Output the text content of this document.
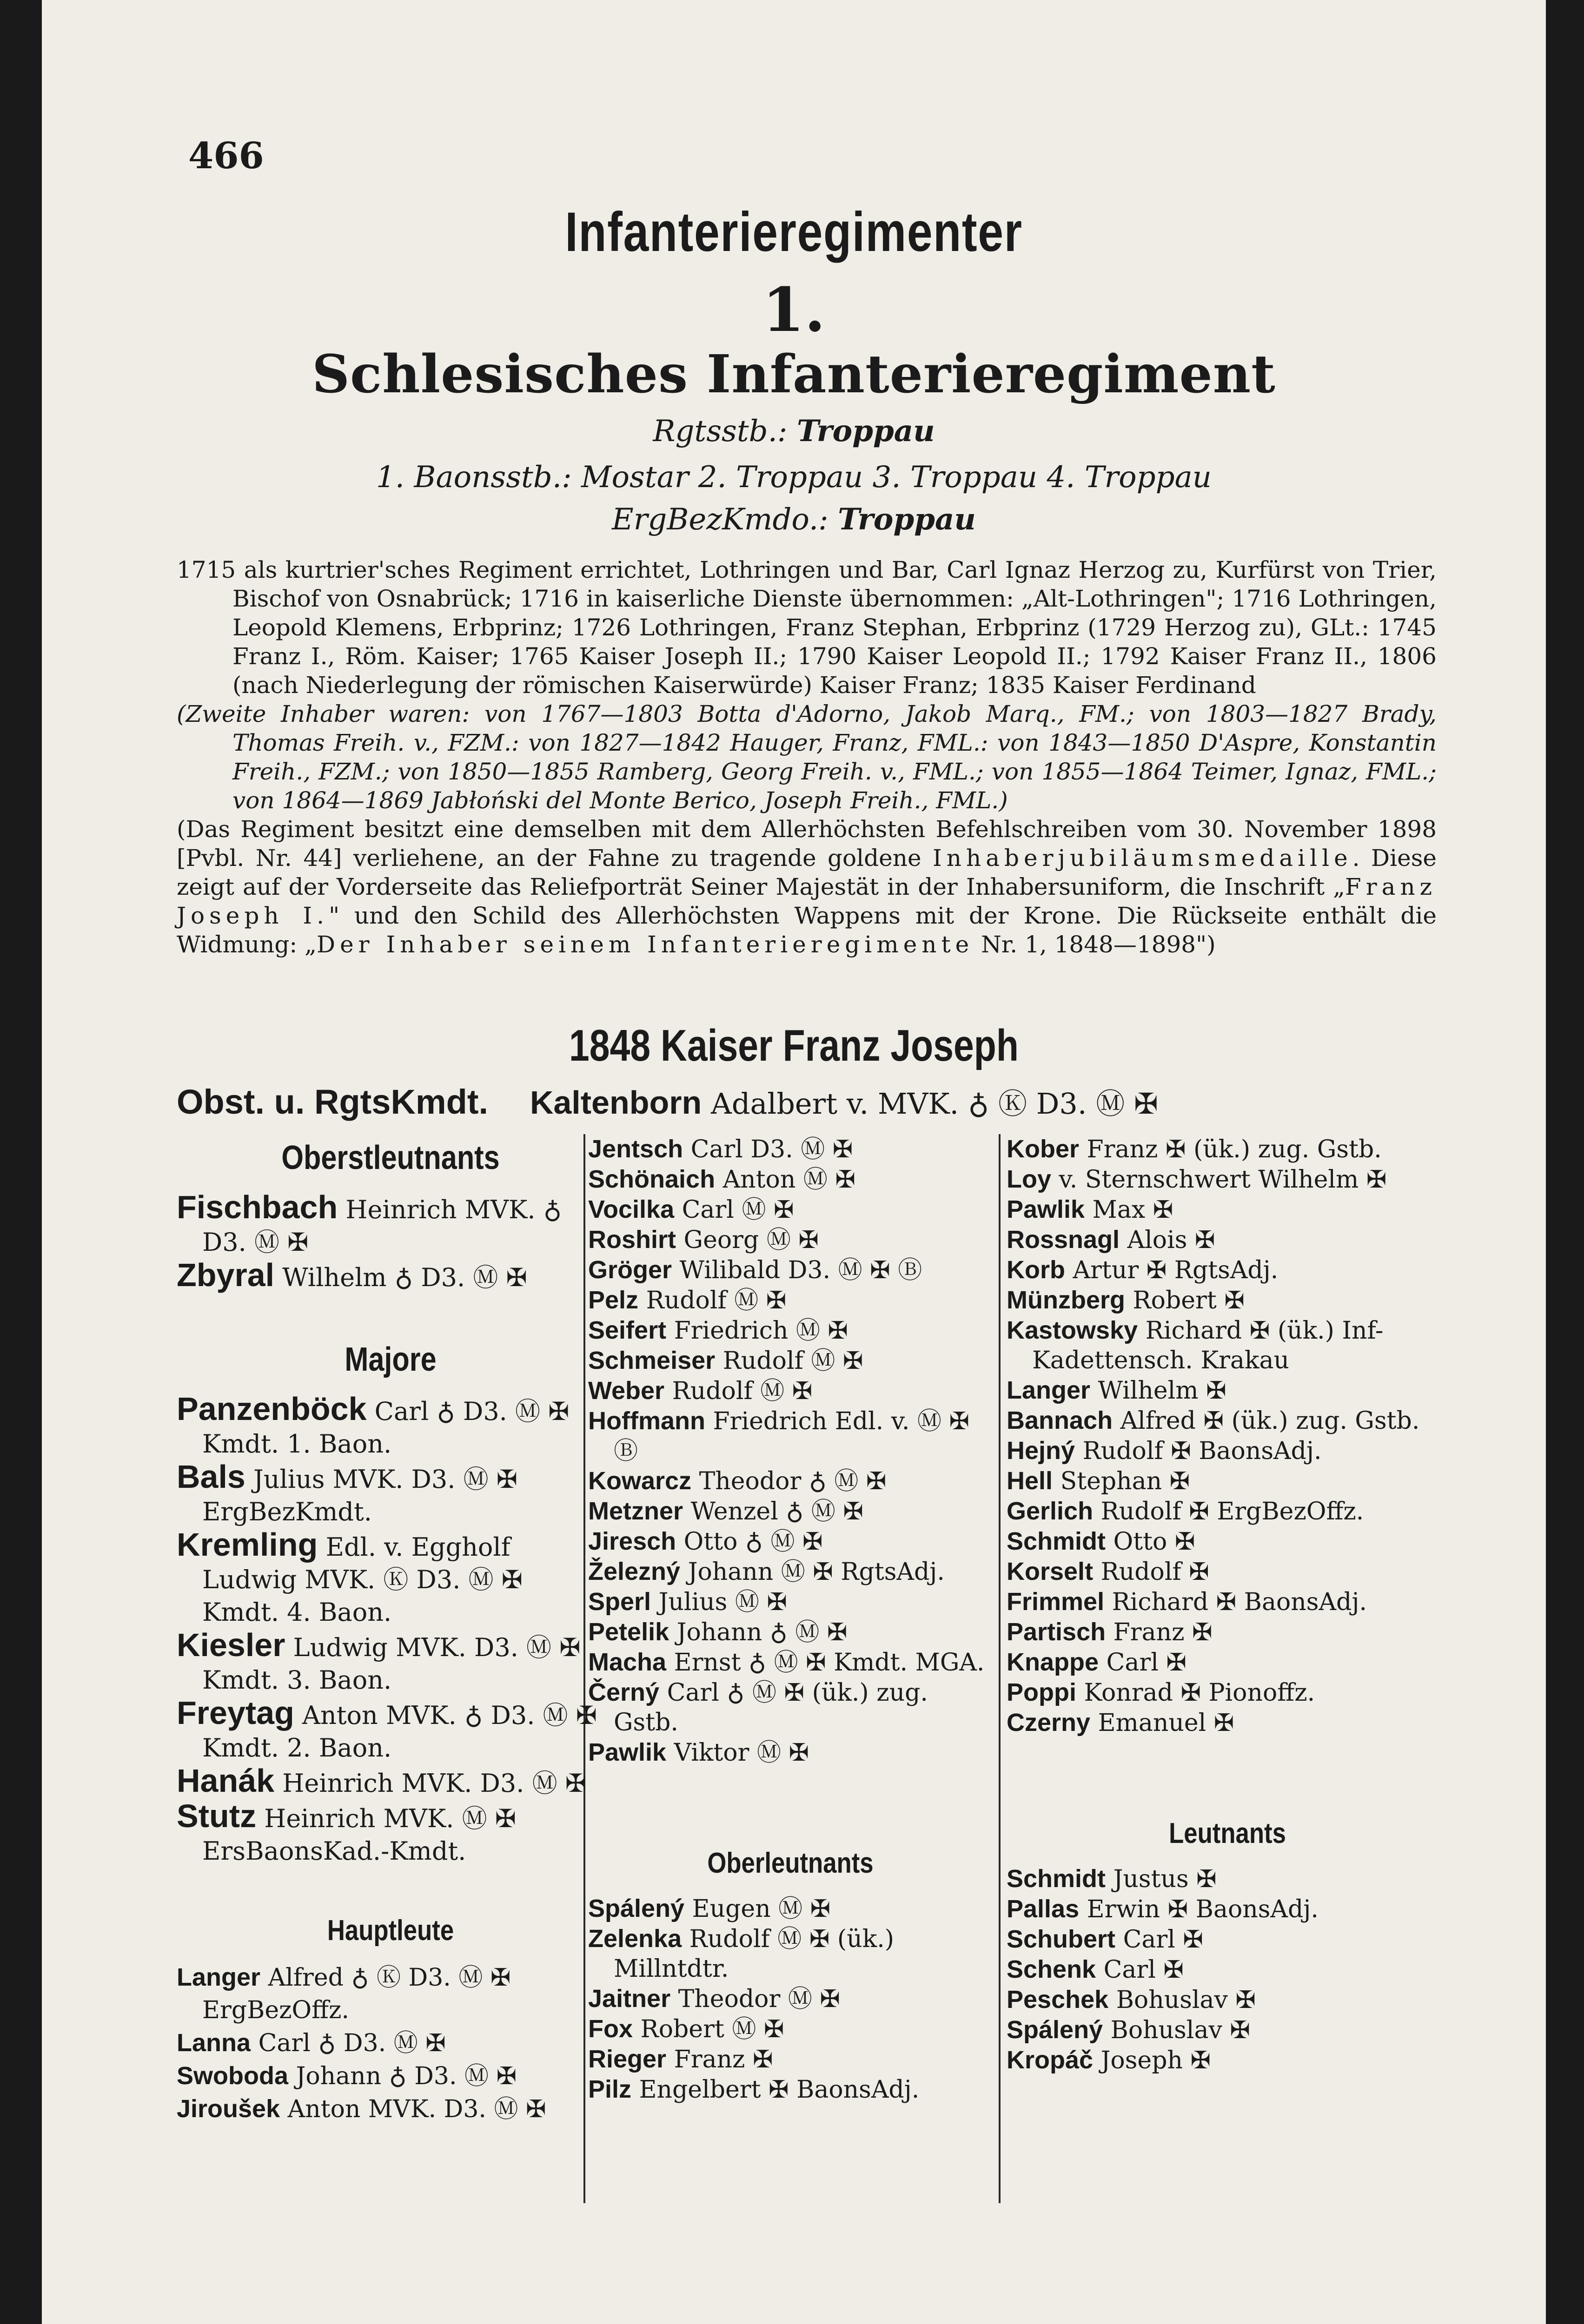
466
Infanterieregimenter
1.
Schlesisches Infanterieregiment
Rgtsstb.: Troppau
1. Baonsstb.: Mostar 2. Troppau 3. Troppau 4. Troppau
ErgBezKmdo.: Troppau

1715 als kurtrier'sches Regiment errichtet, Lothringen und Bar, Carl Ignaz Herzog zu, Kurfürst von Trier, Bischof von Osnabrück; 1716 in kaiserliche Dienste übernommen: „Alt-Lothringen"; 1716 Lothringen, Leopold Klemens, Erbprinz; 1726 Lothringen, Franz Stephan, Erbprinz (1729 Herzog zu), GLt.: 1745 Franz I., Röm. Kaiser; 1765 Kaiser Joseph II.; 1790 Kaiser Leopold II.; 1792 Kaiser Franz II., 1806 (nach Niederlegung der römischen Kaiserwürde) Kaiser Franz; 1835 Kaiser Ferdinand

(Zweite Inhaber waren: von 1767—1803 Botta d'Adorno, Jakob Marq., FM.; von 1803—1827 Brady, Thomas Freih. v., FZM.: von 1827—1842 Hauger, Franz, FML.: von 1843—1850 D'Aspre, Konstantin Freih., FZM.; von 1850—1855 Ramberg, Georg Freih. v., FML.; von 1855—1864 Teimer, Ignaz, FML.; von 1864—1869 Jabłoński del Monte Berico, Joseph Freih., FML.)

(Das Regiment besitzt eine demselben mit dem Allerhöchsten Befehlschreiben vom 30. November 1898 [Pvbl. Nr. 44] verliehene, an der Fahne zu tragende goldene Inhaberjubiläumsmedaille. Diese zeigt auf der Vorderseite das Reliefporträt Seiner Majestät in der Inhabersuniform, die Inschrift „Franz Joseph I." und den Schild des Allerhöchsten Wappens mit der Krone. Die Rückseite enthält die Widmung: „Der Inhaber seinem Infanterieregimente Nr. 1, 1848—1898")

1848 Kaiser Franz Joseph
Obst. u. RgtsKmdt. Kaltenborn Adalbert v. MVK. ♁ Ⓚ D3. Ⓜ ✠
Oberstleutnants

Fischbach Heinrich MVK. ♁ D3. Ⓜ ✠

Zbyral Wilhelm ♁ D3. Ⓜ ✠

Majore

Panzenböck Carl ♁ D3. Ⓜ ✠ Kmdt. 1. Baon.

Bals Julius MVK. D3. Ⓜ ✠ ErgBezKmdt.

Kremling Edl. v. Eggholf Ludwig MVK. Ⓚ D3. Ⓜ ✠ Kmdt. 4. Baon.

Kiesler Ludwig MVK. D3. Ⓜ ✠ Kmdt. 3. Baon.

Freytag Anton MVK. ♁ D3. Ⓜ ✠ Kmdt. 2. Baon.

Hanák Heinrich MVK. D3. Ⓜ ✠

Stutz Heinrich MVK. Ⓜ ✠ ErsBaonsKad.-Kmdt.

Hauptleute

Langer Alfred ♁ Ⓚ D3. Ⓜ ✠ ErgBezOffz.

Lanna Carl ♁ D3. Ⓜ ✠

Swoboda Johann ♁ D3. Ⓜ ✠

Jiroušek Anton MVK. D3. Ⓜ ✠

Jentsch Carl D3. Ⓜ ✠

Schönaich Anton Ⓜ ✠

Vocilka Carl Ⓜ ✠

Roshirt Georg Ⓜ ✠

Gröger Wilibald D3. Ⓜ ✠ Ⓑ

Pelz Rudolf Ⓜ ✠

Seifert Friedrich Ⓜ ✠

Schmeiser Rudolf Ⓜ ✠

Weber Rudolf Ⓜ ✠

Hoffmann Friedrich Edl. v. Ⓜ ✠ Ⓑ

Kowarcz Theodor ♁ Ⓜ ✠

Metzner Wenzel ♁ Ⓜ ✠

Jiresch Otto ♁ Ⓜ ✠

Železný Johann Ⓜ ✠ RgtsAdj.

Sperl Julius Ⓜ ✠

Petelik Johann ♁ Ⓜ ✠

Macha Ernst ♁ Ⓜ ✠ Kmdt. MGA.

Černý Carl ♁ Ⓜ ✠ (ük.) zug. Gstb.

Pawlik Viktor Ⓜ ✠

Oberleutnants

Spálený Eugen Ⓜ ✠

Zelenka Rudolf Ⓜ ✠ (ük.) Millntdtr.

Jaitner Theodor Ⓜ ✠

Fox Robert Ⓜ ✠

Rieger Franz ✠

Pilz Engelbert ✠ BaonsAdj.

Kober Franz ✠ (ük.) zug. Gstb.

Loy v. Sternschwert Wilhelm ✠

Pawlik Max ✠

Rossnagl Alois ✠

Korb Artur ✠ RgtsAdj.

Münzberg Robert ✠

Kastowsky Richard ✠ (ük.) Inf-Kadettensch. Krakau

Langer Wilhelm ✠

Bannach Alfred ✠ (ük.) zug. Gstb.

Hejný Rudolf ✠ BaonsAdj.

Hell Stephan ✠

Gerlich Rudolf ✠ ErgBezOffz.

Schmidt Otto ✠

Korselt Rudolf ✠

Frimmel Richard ✠ BaonsAdj.

Partisch Franz ✠

Knappe Carl ✠

Poppi Konrad ✠ Pionoffz.

Czerny Emanuel ✠

Leutnants

Schmidt Justus ✠

Pallas Erwin ✠ BaonsAdj.

Schubert Carl ✠

Schenk Carl ✠

Peschek Bohuslav ✠

Spálený Bohuslav ✠

Kropáč Joseph ✠
